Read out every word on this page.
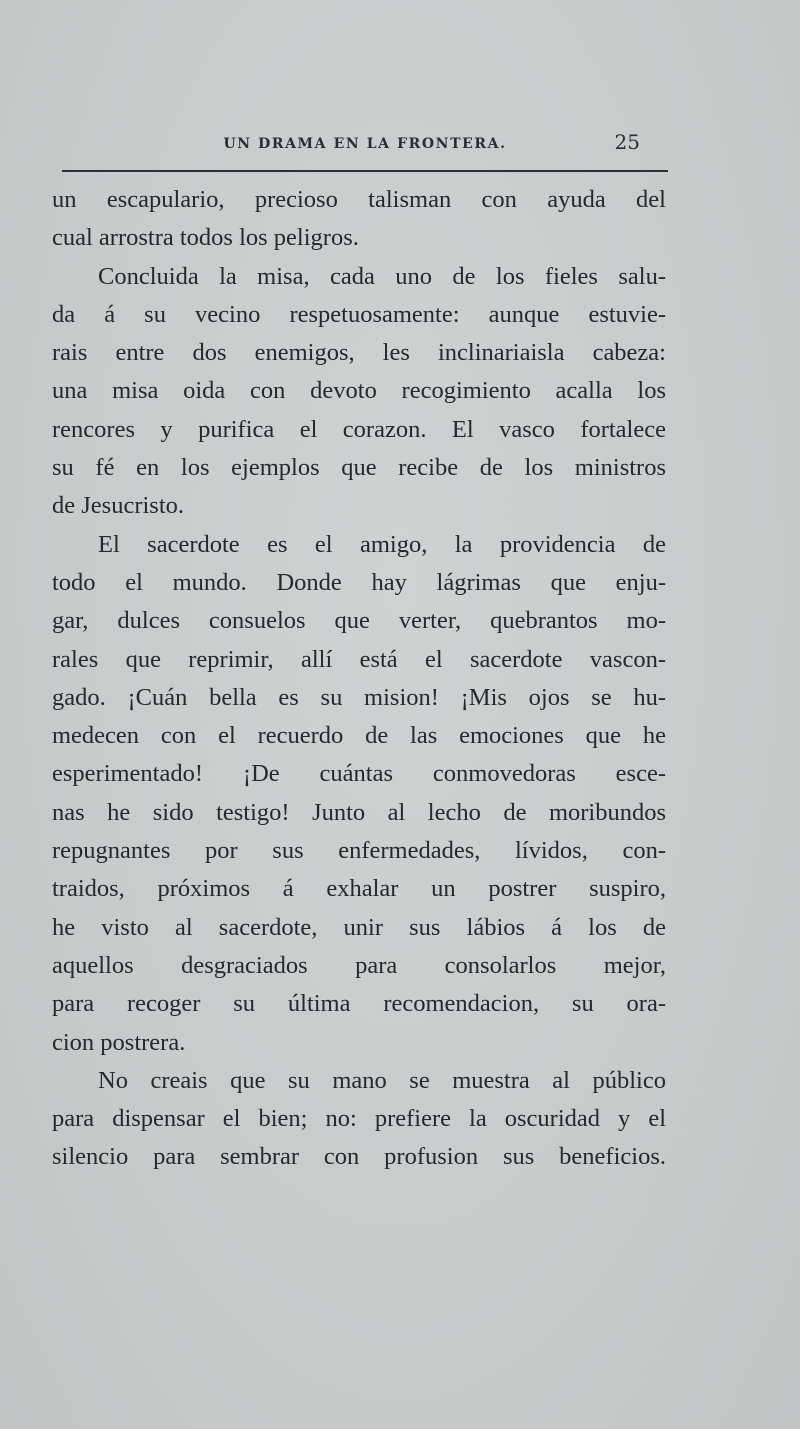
UN DRAMA EN LA FRONTERA.	25
un escapulario, precioso talisman con ayuda del
cual arrostra todos los peligros.
Concluida la misa, cada uno de los fieles salu-
da á su vecino respetuosamente: aunque estuvie-
rais entre dos enemigos, les inclinariaisla cabeza:
una misa oida con devoto recogimiento acalla los
rencores y purifica el corazon. El vasco fortalece
su fé en los ejemplos que recibe de los ministros
de Jesucristo.
El sacerdote es el amigo, la providencia de
todo el mundo. Donde hay lágrimas que enju-
gar, dulces consuelos que verter, quebrantos mo-
rales que reprimir, allí está el sacerdote vascon-
gado. ¡Cuán bella es su mision! ¡Mis ojos se hu-
medecen con el recuerdo de las emociones que he
esperimentado! ¡De cuántas conmovedoras esce-
nas he sido testigo! Junto al lecho de moribundos
repugnantes por sus enfermedades, lívidos, con-
traidos, próximos á exhalar un postrer suspiro,
he visto al sacerdote, unir sus lábios á los de
aquellos desgraciados para consolarlos mejor,
para recoger su última recomendacion, su ora-
cion postrera.
No creais que su mano se muestra al público
para dispensar el bien; no: prefiere la oscuridad y el
silencio para sembrar con profusion sus beneficios.
